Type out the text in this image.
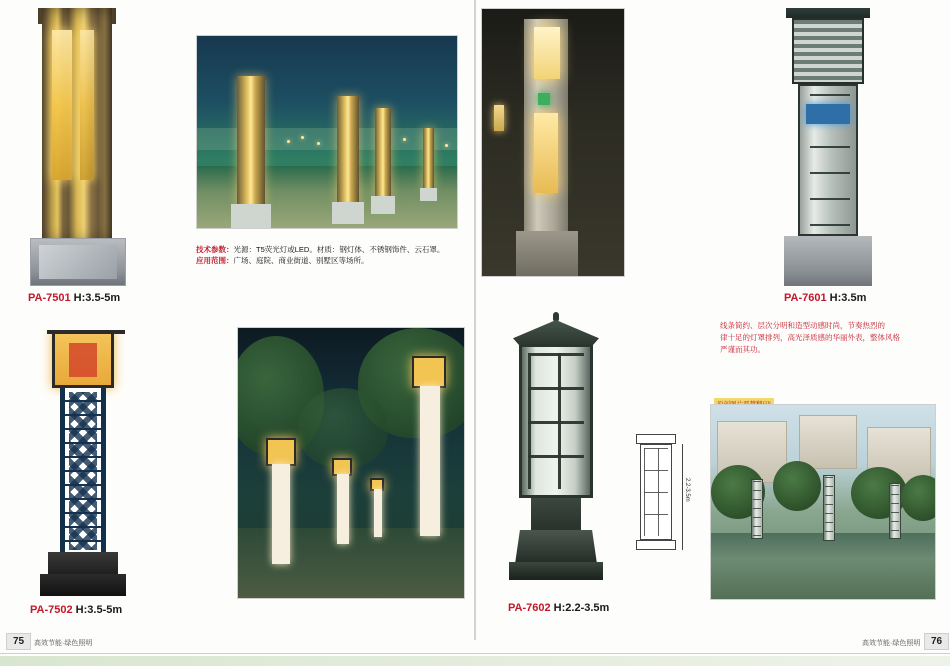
PA-7501 H:3.5-5m
技术参数：光源：T5荧光灯或LED。材质：钢灯体、不锈钢饰件、云石罩。
应用范围：广场、庭院、商业街道、别墅区等场所。
PA-7601 H:3.5m
线条简约、层次分明和造型动感时尚，节奏热烈的
律十足的灯罩排列，高光泽质感的华丽外表，整体风格
严谨而其功。
PA-7502 H:3.5-5m	PA-7602 H:2.2-3.5m
2.2-3.5m
75	高效节能·绿色照明	76
高效节能·绿色照明
